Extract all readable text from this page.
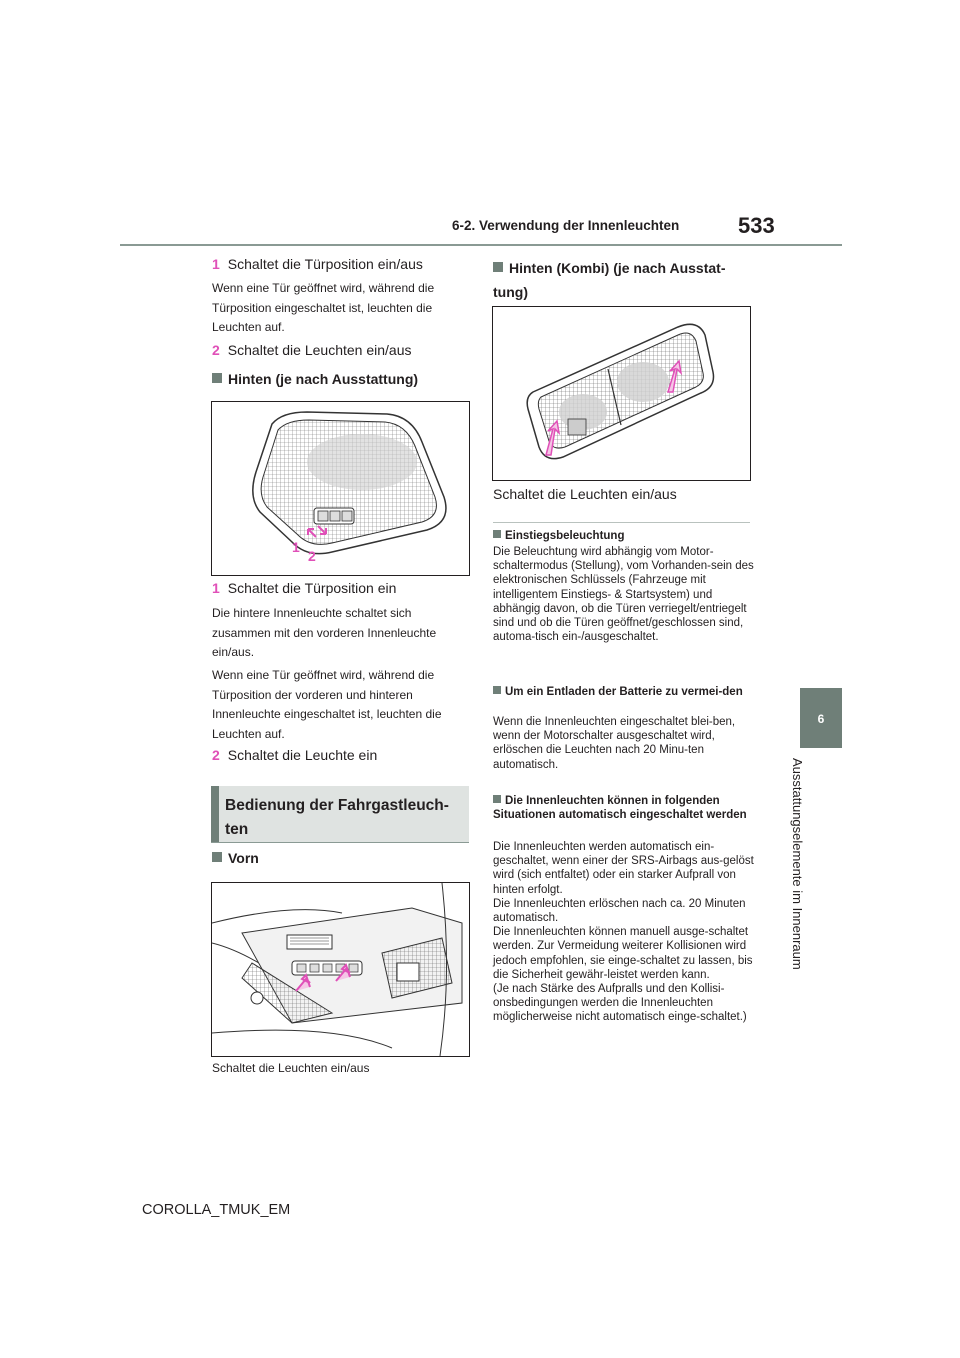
6-2. Verwendung der Innenleuchten	533
6
Ausstattungselemente im Innenraum
1 Schaltet die Türposition ein/aus
Wenn eine Tür geöffnet wird, während die Türposition eingeschaltet ist, leuchten die Leuchten auf.
2 Schaltet die Leuchten ein/aus
Hinten (je nach Ausstattung)
1
2
1 Schaltet die Türposition ein
Die hintere Innenleuchte schaltet sich zusammen mit den vorderen Innenleuchte ein/aus.
Wenn eine Tür geöffnet wird, während die Türposition der vorderen und hinteren Innenleuchte eingeschaltet ist, leuchten die Leuchten auf.
2 Schaltet die Leuchte ein
Bedienung der Fahrgastleuch-ten
Vorn
Schaltet die Leuchten ein/aus
Hinten (Kombi) (je nach Ausstat-tung)
Schaltet die Leuchten ein/aus
Einstiegsbeleuchtung
Die Beleuchtung wird abhängig vom Motor-schaltermodus (Stellung), vom Vorhanden-sein des elektronischen Schlüssels (Fahrzeuge mit intelligentem Einstiegs- & Startsystem) und abhängig davon, ob die Türen verriegelt/entriegelt sind und ob die Türen geöffnet/geschlossen sind, automa-tisch ein-/ausgeschaltet.
Um ein Entladen der Batterie zu vermei-den
Wenn die Innenleuchten eingeschaltet blei-ben, wenn der Motorschalter ausgeschaltet wird, erlöschen die Leuchten nach 20 Minu-ten automatisch.
Die Innenleuchten können in folgenden Situationen automatisch eingeschaltet werden
Die Innenleuchten werden automatisch ein-geschaltet, wenn einer der SRS-Airbags aus-gelöst wird (sich entfaltet) oder ein starker Aufprall von hinten erfolgt.
Die Innenleuchten erlöschen nach ca. 20 Minuten automatisch.
Die Innenleuchten können manuell ausge-schaltet werden. Zur Vermeidung weiterer Kollisionen wird jedoch empfohlen, sie einge-schaltet zu lassen, bis die Sicherheit gewähr-leistet werden kann.
(Je nach Stärke des Aufpralls und den Kollisi-onsbedingungen werden die Innenleuchten möglicherweise nicht automatisch einge-schaltet.)
COROLLA_TMUK_EM
